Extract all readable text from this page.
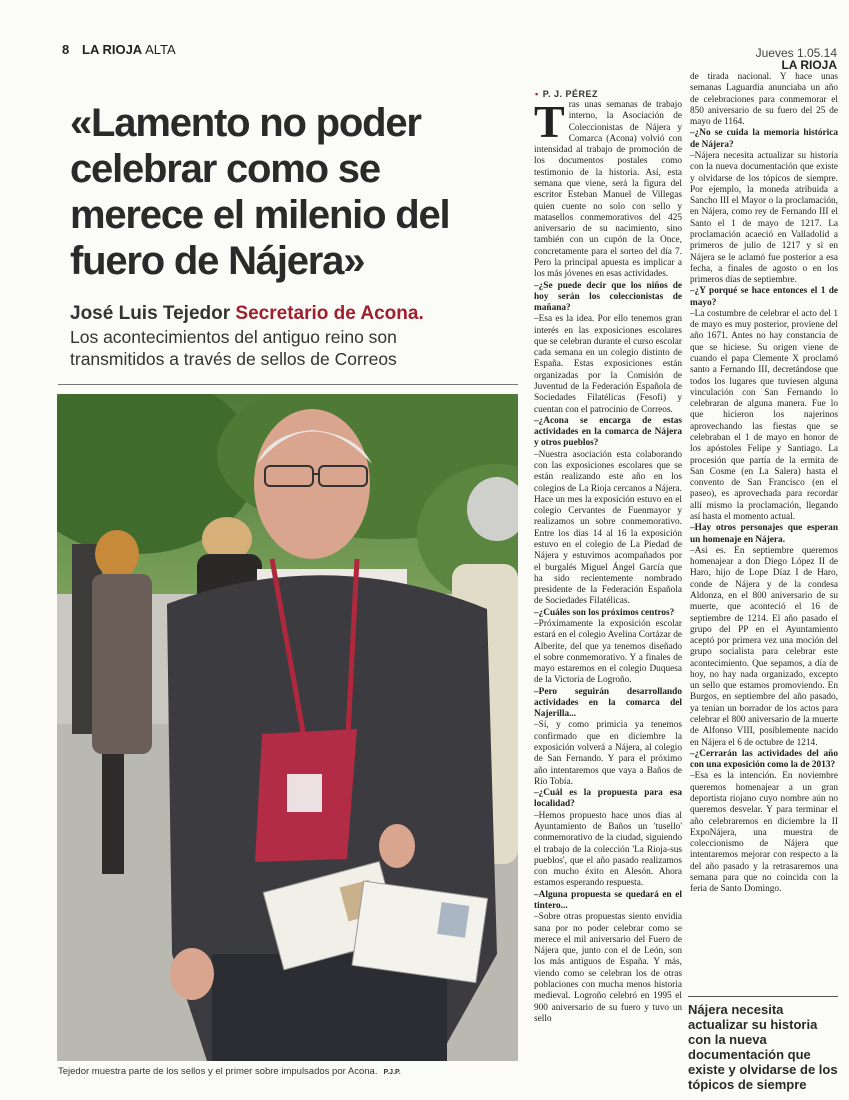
8 LA RIOJA ALTA	Jueves 1.05.14
LA RIOJA
«Lamento no poder celebrar como se merece el milenio del fuero de Nájera»
José Luis Tejedor Secretario de Acona.
Los acontecimientos del antiguo reino son transmitidos a través de sellos de Correos
Tejedor muestra parte de los sellos y el primer sobre impulsados por Acona. P.J.P.
▪ P. J. PÉREZ

Tras unas semanas de trabajo interno, la Asociación de Coleccionistas de Nájera y Comarca (Acona) volvió con intensidad al trabajo de promoción de los documentos postales como testimonio de la historia. Así, esta semana que viene, será la figura del escritor Esteban Manuel de Villegas quien cuente no solo con sello y matasellos conmemorativos del 425 aniversario de su nacimiento, sino también con un cupón de la Once, concretamente para el sorteo del día 7. Pero la principal apuesta es implicar a los más jóvenes en esas actividades.

–¿Se puede decir que los niños de hoy serán los coleccionistas de mañana?

–Esa es la idea. Por ello tenemos gran interés en las exposiciones escolares que se celebran durante el curso escolar cada semana en un colegio distinto de España. Estas exposiciones están organizadas por la Comisión de Juventud de la Federación Española de Sociedades Filatélicas (Fesofi) y cuentan con el patrocinio de Correos.

–¿Acona se encarga de estas actividades en la comarca de Nájera y otros pueblos?

–Nuestra asociación esta colaborando con las exposiciones escolares que se están realizando este año en los colegios de La Rioja cercanos a Nájera. Hace un mes la exposición estuvo en el colegio Cervantes de Fuenmayor y realizamos un sobre conmemorativo. Entre los días 14 al 16 la exposición estuvo en el colegio de La Piedad de Nájera y estuvimos acompañados por el burgalés Miguel Ángel García que ha sido recientemente nombrado presidente de la Federación Española de Sociedades Filatélicas.

–¿Cuáles son los próximos centros?

–Próximamente la exposición escolar estará en el colegio Avelina Cortázar de Alberite, del que ya tenemos diseñado el sobre conmemorativo. Y a finales de mayo estaremos en el colegio Duquesa de la Victoria de Logroño.

–Pero seguirán desarrollando actividades en la comarca del Najerilla...

–Sí, y como primicia ya tenemos confirmado que en diciembre la exposición volverá a Nájera, al colegio de San Fernando. Y para el próximo año intentaremos que vaya a Baños de Río Tobía.

–¿Cuál es la propuesta para esa localidad?

–Hemos propuesto hace unos días al Ayuntamiento de Baños un 'tusello' conmemorativo de la ciudad, siguiendo el trabajo de la colección 'La Rioja-sus pueblos', que el año pasado realizamos con mucho éxito en Alesón. Ahora estamos esperando respuesta.

–Alguna propuesta se quedará en el tintero...

–Sobre otras propuestas siento envidia sana por no poder celebrar como se merece el mil aniversario del Fuero de Nájera que, junto con el de León, son los más antiguos de España. Y más, viendo como se celebran los de otras poblaciones con mucha menos historia medieval. Logroño celebró en 1995 el 900 aniversario de su fuero y tuvo un sello

de tirada nacional. Y hace unas semanas Laguardia anunciaba un año de celebraciones para conmemorar el 850 aniversario de su fuero del 25 de mayo de 1164.

–¿No se cuida la memoria histórica de Nájera?

–Nájera necesita actualizar su historia con la nueva documentación que existe y olvidarse de los tópicos de siempre. Por ejemplo, la moneda atribuida a Sancho III el Mayor o la proclamación, en Nájera, como rey de Fernando III el Santo el 1 de mayo de 1217. La proclamación acaeció en Valladolid a primeros de julio de 1217 y si en Nájera se le aclamó fue posterior a esa fecha, a finales de agosto o en los primeros días de septiembre.

–¿Y porqué se hace entonces el 1 de mayo?

–La costumbre de celebrar el acto del 1 de mayo es muy posterior, proviene del año 1671. Antes no hay constancia de que se hiciese. Su origen viene de cuando el papa Clemente X proclamó santo a Fernando III, decretándose que todos los lugares que tuviesen alguna vinculación con San Fernando lo celebraran de alguna manera. Fue lo que hicieron los najerinos aprovechando las fiestas que se celebraban el 1 de mayo en honor de los apóstoles Felipe y Santiago. La procesión que partía de la ermita de San Cosme (en La Salera) hasta el convento de San Francisco (en el paseo), es aprovechada para recordar allí mismo la proclamación, llegando así hasta el momento actual.

–Hay otros personajes que esperan un homenaje en Nájera.

–Así es. En septiembre queremos homenajear a don Diego López II de Haro, hijo de Lope Díaz I de Haro, conde de Nájera y de la condesa Aldonza, en el 800 aniversario de su muerte, que aconteció el 16 de septiembre de 1214. El año pasado el grupo del PP en el Ayuntamiento aceptó por primera vez una moción del grupo socialista para celebrar este acontecimiento. Que sepamos, a día de hoy, no hay nada organizado, excepto un sello que estamos promoviendo. En Burgos, en septiembre del año pasado, ya tenían un borrador de los actos para celebrar el 800 aniversario de la muerte de Alfonso VIII, posiblemente nacido en Nájera el 6 de octubre de 1214.

–¿Cerrarán las actividades del año con una exposición como la de 2013?

–Esa es la intención. En noviembre queremos homenajear a un gran deportista riojano cuyo nombre aún no queremos desvelar. Y para terminar el año celebraremos en diciembre la II ExpoNájera, una muestra de coleccionismo de Nájera que intentaremos mejorar con respecto a la del año pasado y la retrasaremos una semana para que no coincida con la feria de Santo Domingo.

Nájera necesita actualizar su historia con la nueva documentación que existe y olvidarse de los tópicos de siempre
